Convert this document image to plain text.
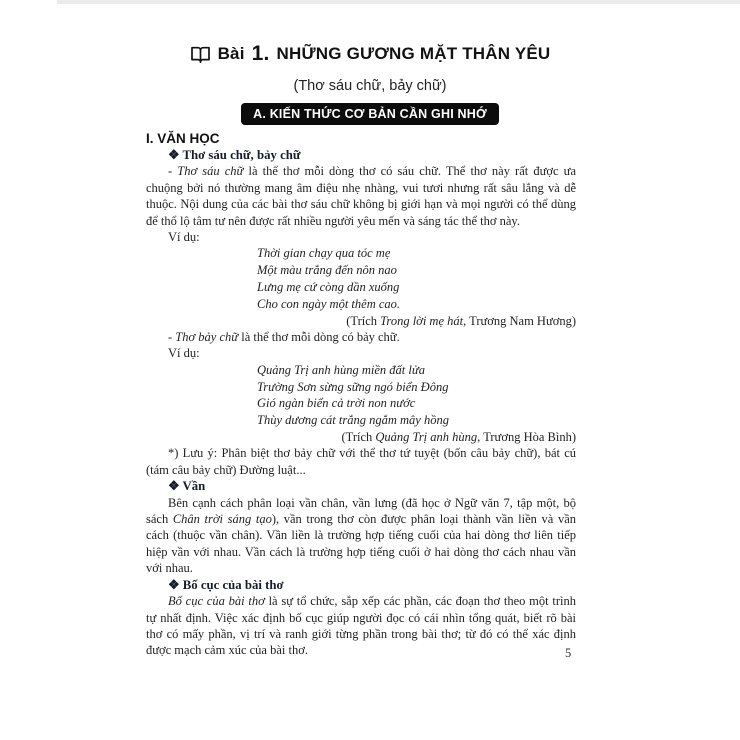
Bài 1. NHỮNG GƯƠNG MẶT THÂN YÊU
(Thơ sáu chữ, bảy chữ)
A. KIẾN THỨC CƠ BẢN CẦN GHI NHỚ
I. VĂN HỌC

❖ Thơ sáu chữ, bảy chữ

- Thơ sáu chữ là thể thơ mỗi dòng thơ có sáu chữ. Thể thơ này rất được ưa chuộng bởi nó thường mang âm điệu nhẹ nhàng, vui tươi nhưng rất sâu lắng và dễ thuộc. Nội dung của các bài thơ sáu chữ không bị giới hạn và mọi người có thể dùng để thổ lộ tâm tư nên được rất nhiều người yêu mến và sáng tác thể thơ này.

Ví dụ:

Thời gian chạy qua tóc mẹ
Một màu trắng đến nôn nao
Lưng mẹ cứ còng dần xuống
Cho con ngày một thêm cao.

(Trích Trong lời mẹ hát, Trương Nam Hương)

- Thơ bảy chữ là thể thơ mỗi dòng có bảy chữ.

Ví dụ:

Quảng Trị anh hùng miền đất lửa
Trường Sơn sừng sững ngó biển Đông
Gió ngàn biển cả trời non nước
Thùy dương cát trắng ngắm mây hồng

(Trích Quảng Trị anh hùng, Trương Hòa Bình)

*) Lưu ý: Phân biệt thơ bảy chữ với thể thơ tứ tuyệt (bốn câu bảy chữ), bát cú (tám câu bảy chữ) Đường luật...

❖ Vần

Bên cạnh cách phân loại vần chân, vần lưng (đã học ở Ngữ văn 7, tập một, bộ sách Chân trời sáng tạo), vần trong thơ còn được phân loại thành vần liền và vần cách (thuộc vần chân). Vần liền là trường hợp tiếng cuối của hai dòng thơ liên tiếp hiệp vần với nhau. Vần cách là trường hợp tiếng cuối ở hai dòng thơ cách nhau vần với nhau.

❖ Bố cục của bài thơ

Bố cục của bài thơ là sự tổ chức, sắp xếp các phần, các đoạn thơ theo một trình tự nhất định. Việc xác định bố cục giúp người đọc có cái nhìn tổng quát, biết rõ bài thơ có mấy phần, vị trí và ranh giới từng phần trong bài thơ; từ đó có thể xác định được mạch cảm xúc của bài thơ.	5
